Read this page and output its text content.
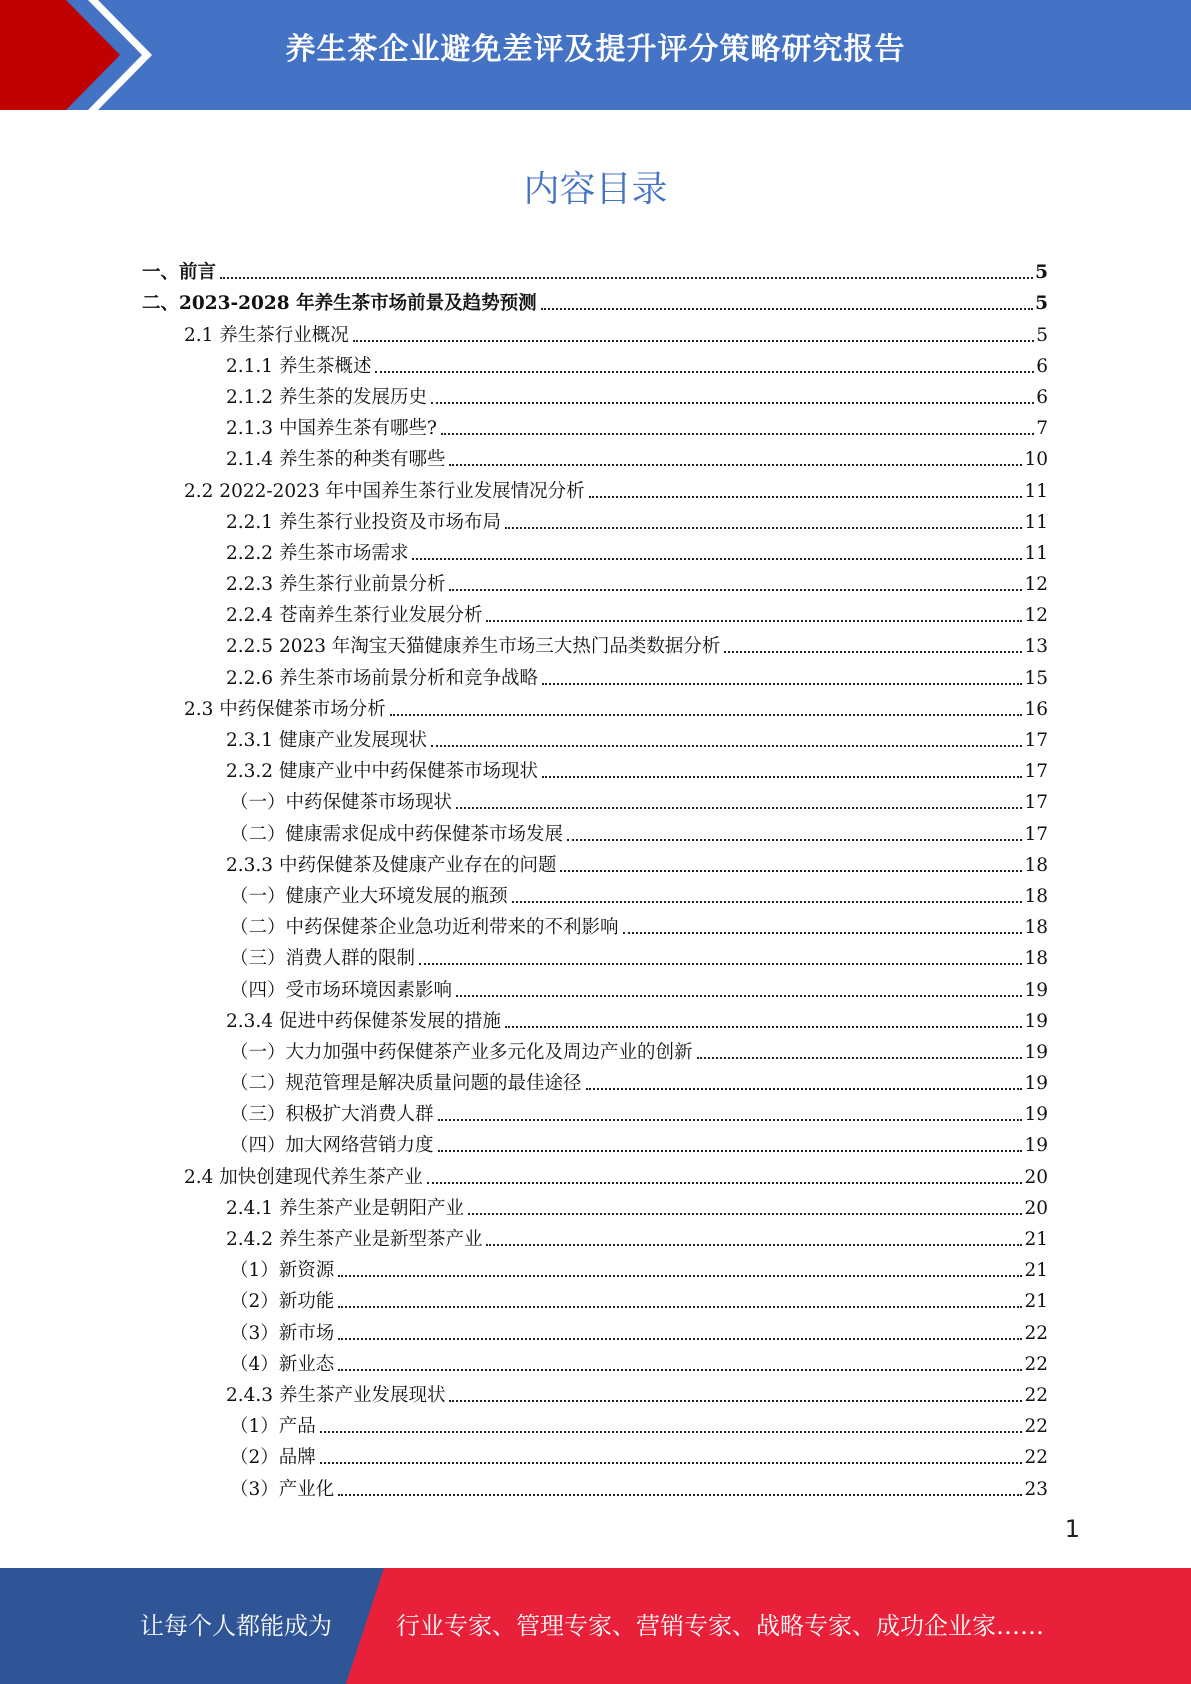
养生茶企业避免差评及提升评分策略研究报告
内容目录
一、前言	5
二、2023-2028 年养生茶市场前景及趋势预测	5
2.1 养生茶行业概况	5
2.1.1 养生茶概述	6
2.1.2 养生茶的发展历史	6
2.1.3 中国养生茶有哪些?	7
2.1.4 养生茶的种类有哪些	10
2.2 2022-2023 年中国养生茶行业发展情况分析	11
2.2.1 养生茶行业投资及市场布局	11
2.2.2 养生茶市场需求	11
2.2.3 养生茶行业前景分析	12
2.2.4 苍南养生茶行业发展分析	12
2.2.5 2023 年淘宝天猫健康养生市场三大热门品类数据分析	13
2.2.6 养生茶市场前景分析和竞争战略	15
2.3 中药保健茶市场分析	16
2.3.1 健康产业发展现状	17
2.3.2 健康产业中中药保健茶市场现状	17
（一）中药保健茶市场现状	17
（二）健康需求促成中药保健茶市场发展	17
2.3.3 中药保健茶及健康产业存在的问题	18
（一）健康产业大环境发展的瓶颈	18
（二）中药保健茶企业急功近利带来的不利影响	18
（三）消费人群的限制	18
（四）受市场环境因素影响	19
2.3.4 促进中药保健茶发展的措施	19
（一）大力加强中药保健茶产业多元化及周边产业的创新	19
（二）规范管理是解决质量问题的最佳途径	19
（三）积极扩大消费人群	19
（四）加大网络营销力度	19
2.4 加快创建现代养生茶产业	20
2.4.1 养生茶产业是朝阳产业	20
2.4.2 养生茶产业是新型茶产业	21
（1）新资源	21
（2）新功能	21
（3）新市场	22
（4）新业态	22
2.4.3 养生茶产业发展现状	22
（1）产品	22
（2）品牌	22
（3）产业化	23
1
让每个人都能成为	行业专家、管理专家、营销专家、战略专家、成功企业家……
